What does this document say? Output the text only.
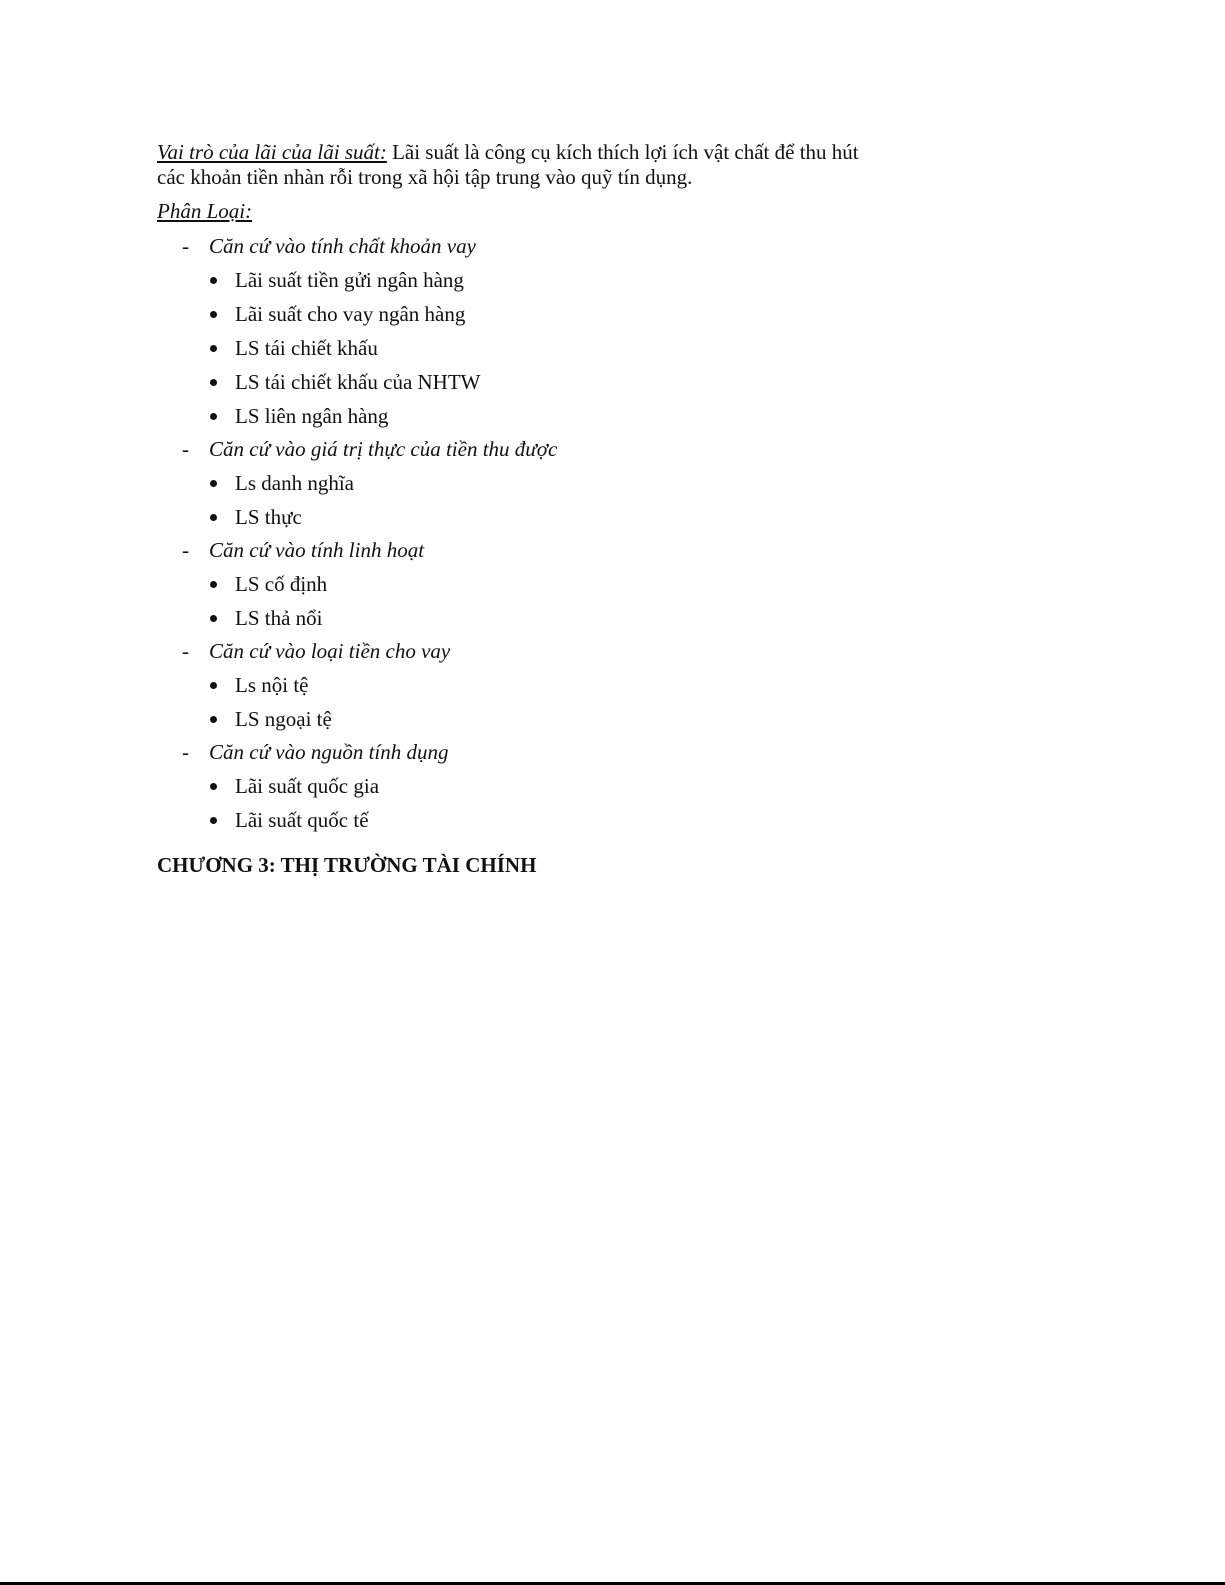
Vai trò của lãi của lãi suất: Lãi suất là công cụ kích thích lợi ích vật chất để thu hút các khoản tiền nhàn rỗi trong xã hội tập trung vào quỹ tín dụng.

Phân Loại:

- Căn cứ vào tính chất khoản vay
Lãi suất tiền gửi ngân hàng
Lãi suất cho vay ngân hàng
LS tái chiết khấu
LS tái chiết khấu của NHTW
LS liên ngân hàng
- Căn cứ vào giá trị thực của tiền thu được
Ls danh nghĩa
LS thực
- Căn cứ vào tính linh hoạt
LS cố định
LS thả nổi
- Căn cứ vào loại tiền cho vay
Ls nội tệ
LS ngoại tệ
- Căn cứ vào nguồn tính dụng
Lãi suất quốc gia
Lãi suất quốc tế
CHƯƠNG 3: THỊ TRƯỜNG TÀI CHÍNH
